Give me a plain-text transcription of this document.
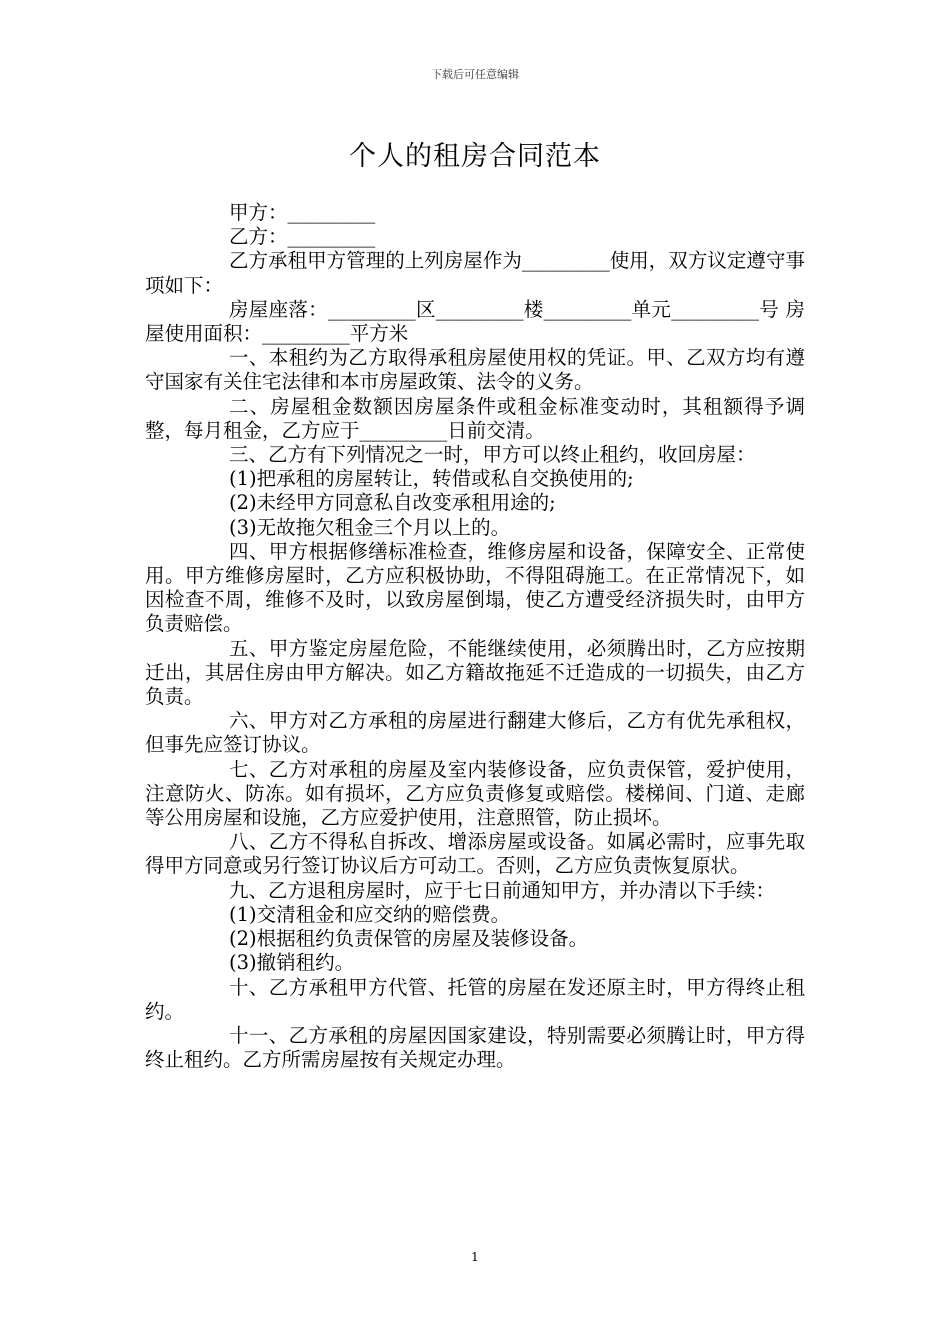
下载后可任意编辑
个人的租房合同范本

甲方：_________

乙方：_________

乙方承租甲方管理的上列房屋作为_________使用，双方议定遵守事项如下：

房屋座落：_________区_________楼_________单元_________号 房屋使用面积：_________平方米

一、本租约为乙方取得承租房屋使用权的凭证。甲、乙双方均有遵守国家有关住宅法律和本市房屋政策、法令的义务。

二、房屋租金数额因房屋条件或租金标准变动时，其租额得予调整，每月租金，乙方应于_________日前交清。

三、乙方有下列情况之一时，甲方可以终止租约，收回房屋：

(1)把承租的房屋转让，转借或私自交换使用的;

(2)未经甲方同意私自改变承租用途的;

(3)无故拖欠租金三个月以上的。

四、甲方根据修缮标准检查，维修房屋和设备，保障安全、正常使用。甲方维修房屋时，乙方应积极协助，不得阻碍施工。在正常情况下，如因检查不周，维修不及时，以致房屋倒塌，使乙方遭受经济损失时，由甲方负责赔偿。

五、甲方鉴定房屋危险，不能继续使用，必须腾出时，乙方应按期迁出，其居住房由甲方解决。如乙方籍故拖延不迁造成的一切损失，由乙方负责。

六、甲方对乙方承租的房屋进行翻建大修后，乙方有优先承租权，但事先应签订协议。

七、乙方对承租的房屋及室内装修设备，应负责保管，爱护使用，注意防火、防冻。如有损坏，乙方应负责修复或赔偿。楼梯间、门道、走廊等公用房屋和设施，乙方应爱护使用，注意照管，防止损坏。

八、乙方不得私自拆改、增添房屋或设备。如属必需时，应事先取得甲方同意或另行签订协议后方可动工。否则，乙方应负责恢复原状。

九、乙方退租房屋时，应于七日前通知甲方，并办清以下手续：

(1)交清租金和应交纳的赔偿费。

(2)根据租约负责保管的房屋及装修设备。

(3)撤销租约。

十、乙方承租甲方代管、托管的房屋在发还原主时，甲方得终止租约。

十一、乙方承租的房屋因国家建设，特别需要必须腾让时，甲方得终止租约。乙方所需房屋按有关规定办理。

1
